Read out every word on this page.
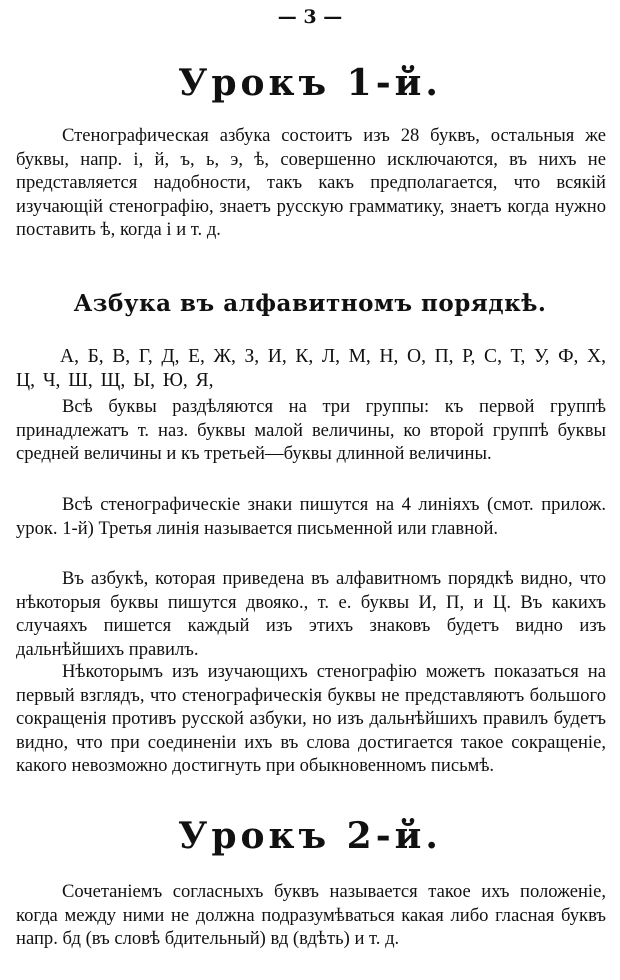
— 3 —
Урокъ 1-й.

Стенографическая азбука состоитъ изъ 28 буквъ, остальныя же буквы, напр. і, й, ъ, ь, э, ѣ, совершенно исключаются, въ нихъ не представляется надобности, такъ какъ предполагается, что всякій изучающій стенографію, знаетъ русскую грамматику, знаетъ когда нужно поставить ѣ, когда і и т. д.

Азбука въ алфавитномъ порядкѣ.

А, Б, В, Г, Д, Е, Ж, З, И, К, Л, М, Н, О, П, Р, С, Т, У, Ф, Х, Ц, Ч, Ш, Щ, Ы, Ю, Я,

Всѣ буквы раздѣляются на три группы: къ первой группѣ принадлежатъ т. наз. буквы малой величины, ко второй группѣ буквы средней величины и къ третьей—буквы длинной величины.

Всѣ стенографическіе знаки пишутся на 4 линіяхъ (смот. прилож. урок. 1-й) Третья линія называется письменной или главной.

Въ азбукѣ, которая приведена въ алфавитномъ порядкѣ видно, что нѣкоторыя буквы пишутся двояко., т. е. буквы И, П, и Ц. Въ какихъ случаяхъ пишется каждый изъ этихъ знаковъ будетъ видно изъ дальнѣйшихъ правилъ.

Нѣкоторымъ изъ изучающихъ стенографію можетъ показаться на первый взглядъ, что стенографическія буквы не представляютъ большого сокращенія противъ русской азбуки, но изъ дальнѣйшихъ правилъ будетъ видно, что при соединеніи ихъ въ слова достигается такое сокращеніе, какого невозможно достигнуть при обыкновенномъ письмѣ.

Урокъ 2-й.

Сочетаніемъ согласныхъ буквъ называется такое ихъ положеніе, когда между ними не должна подразумѣваться какая либо гласная буквъ напр. бд (въ словѣ бдительный) вд (вдѣть) и т. д.
